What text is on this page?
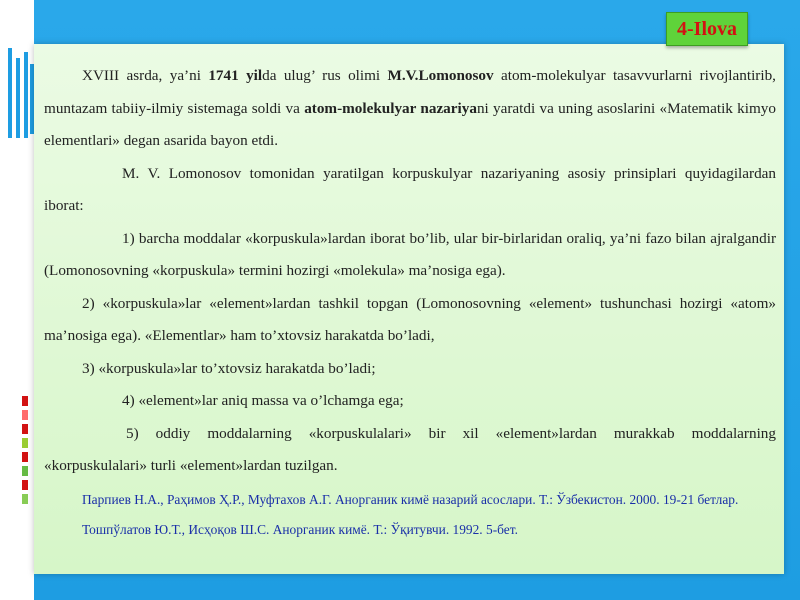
4-Ilova

XVIII asrda, ya’ni 1741 yilda ulug’ rus olimi M.V.Lomonosov atom-molekulyar tasavvurlarni rivojlantirib, muntazam tabiiy-ilmiy sistemaga soldi va atom-molekulyar nazariyani yaratdi va uning asoslarini «Matematik kimyo elementlari» degan asarida bayon etdi.

M. V. Lomonosov tomonidan yaratilgan korpuskulyar nazariyaning asosiy prinsiplari quyidagilardan iborat:

1) barcha moddalar «korpuskula»lardan iborat bo’lib, ular bir-birlaridan oraliq, ya’ni fazo bilan ajralgandir (Lomonosovning «korpuskula» termini hozirgi «molekula» ma’nosiga ega).

2) «korpuskula»lar «element»lardan tashkil topgan (Lomonosovning «element» tushunchasi hozirgi «atom» ma’nosiga ega). «Elementlar» ham to’xtovsiz harakatda bo’ladi,

3) «korpuskula»lar to’xtovsiz harakatda bo’ladi;

4) «element»lar aniq massa va o’lchamga ega;

5) oddiy moddalarning «korpuskulalari» bir xil «element»lardan murakkab moddalarning «korpuskulalari» turli «element»lardan tuzilgan.

Парпиев Н.А., Раҳимов Ҳ.Р., Муфтахов А.Г. Анорганик кимё назарий асослари. Т.: Ўзбекистон. 2000. 19-21 бетлар.

Тошпўлатов Ю.Т., Исҳоқов Ш.С. Анорганик кимё. Т.: Ўқитувчи. 1992. 5-бет.
